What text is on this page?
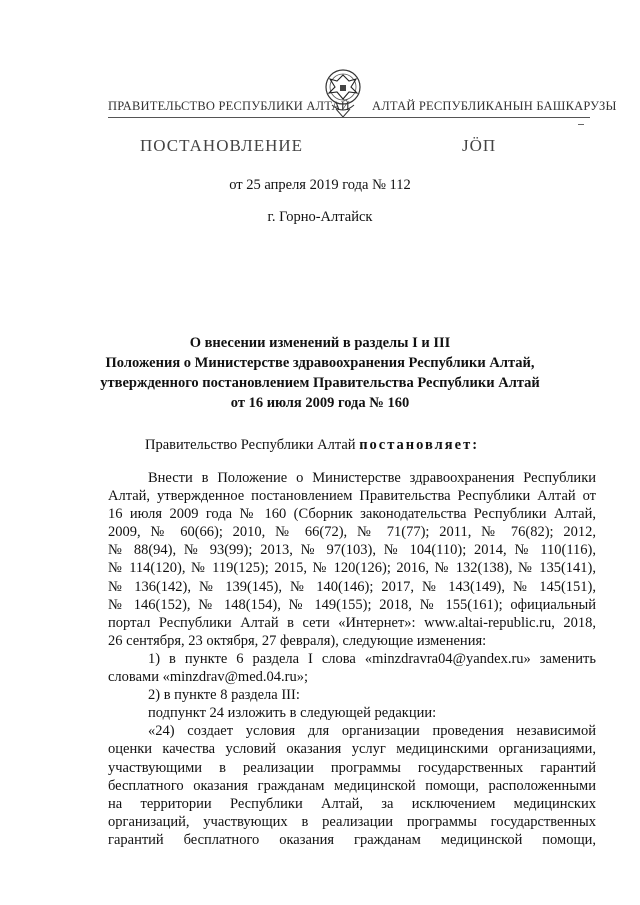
ПРАВИТЕЛЬСТВО РЕСПУБЛИКИ АЛТАЙ АЛТАЙ РЕСПУБЛИКАНЫН БАШКАРУЗЫ
ПОСТАНОВЛЕНИЕ	JÖП
от 25 апреля 2019 года № 112
г. Горно-Алтайск
О внесении изменений в разделы I и III
Положения о Министерстве здравоохранения Республики Алтай,
утвержденного постановлением Правительства Республики Алтай
от 16 июля 2009 года № 160
Правительство Республики Алтай постановляет:
Внести в Положение о Министерстве здравоохранения Республики
Алтай, утвержденное постановлением Правительства Республики Алтай от
16 июля 2009 года № 160 (Сборник законодательства Республики Алтай,
2009, № 60(66); 2010, № 66(72), № 71(77); 2011, № 76(82); 2012,
№ 88(94), № 93(99); 2013, № 97(103), № 104(110); 2014, № 110(116),
№ 114(120), № 119(125); 2015, № 120(126); 2016, № 132(138), № 135(141),
№ 136(142), № 139(145), № 140(146); 2017, № 143(149), № 145(151),
№ 146(152), № 148(154), № 149(155); 2018, № 155(161); официальный
портал Республики Алтай в сети «Интернет»: www.altai-republic.ru, 2018,
26 сентября, 23 октября, 27 февраля), следующие изменения:
1) в пункте 6 раздела I слова «minzdravra04@yandex.ru» заменить
словами «minzdrav@med.04.ru»;
2) в пункте 8 раздела III:
подпункт 24 изложить в следующей редакции:
«24) создает условия для организации проведения независимой
оценки качества условий оказания услуг медицинскими организациями,
участвующими в реализации программы государственных гарантий
бесплатного оказания гражданам медицинской помощи, расположенными
на территории Республики Алтай, за исключением медицинских
организаций, участвующих в реализации программы государственных
гарантий бесплатного оказания гражданам медицинской помощи,
